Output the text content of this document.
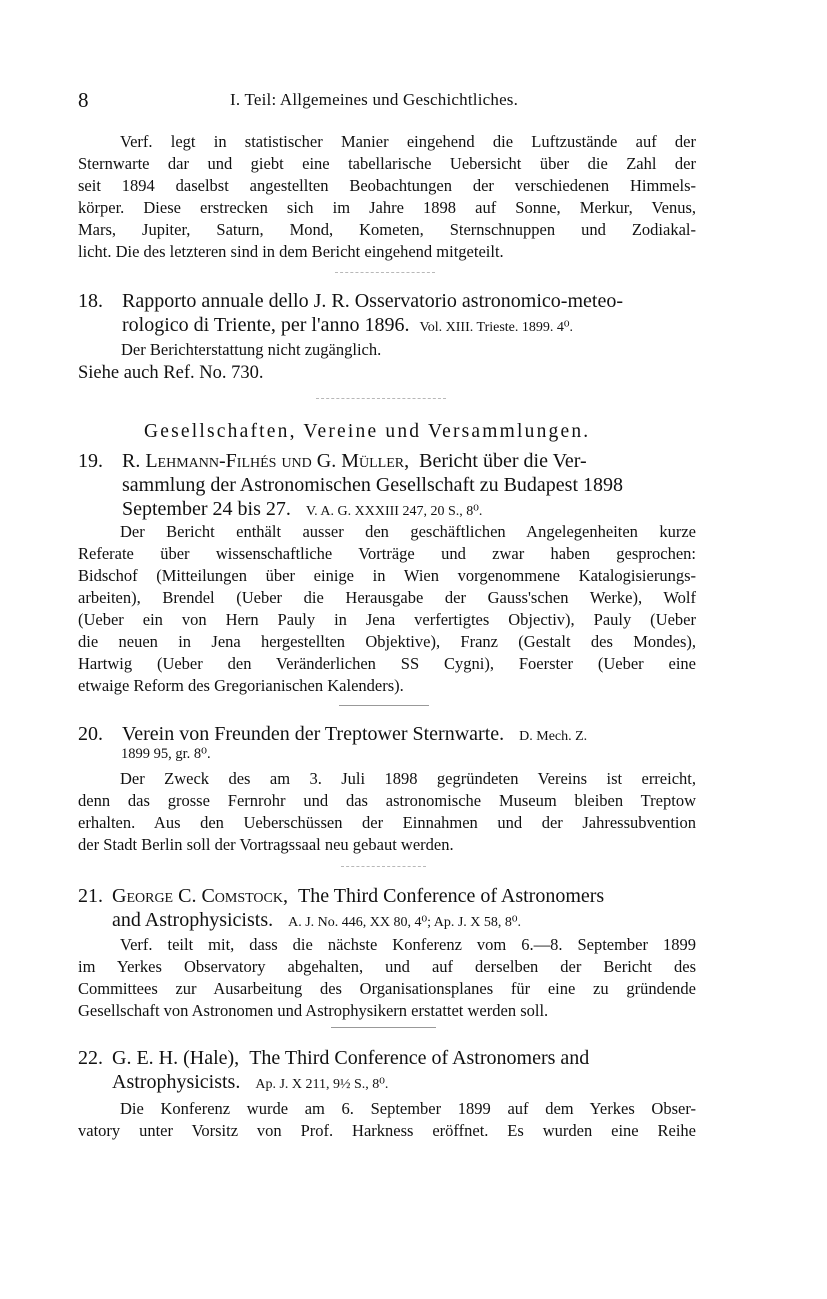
8	I. Teil: Allgemeines und Geschichtliches.
Verf. legt in statistischer Manier eingehend die Luftzustände auf der
Sternwarte dar und giebt eine tabellarische Uebersicht über die Zahl der
seit 1894 daselbst angestellten Beobachtungen der verschiedenen Himmels-
körper. Diese erstrecken sich im Jahre 1898 auf Sonne, Merkur, Venus,
Mars, Jupiter, Saturn, Mond, Kometen, Sternschnuppen und Zodiakal-
licht. Die des letzteren sind in dem Bericht eingehend mitgeteilt.
18. Rapporto annuale dello J. R. Osservatorio astronomico-meteo-
rologico di Triente, per l'anno 1896. Vol. XIII. Trieste. 1899. 4⁰.
Der Berichterstattung nicht zugänglich.
Siehe auch Ref. No. 730.
Gesellschaften, Vereine und Versammlungen.
19. R. Lehmann-Filhés und G. Müller, Bericht über die Ver-
sammlung der Astronomischen Gesellschaft zu Budapest 1898
September 24 bis 27. V. A. G. XXXIII 247, 20 S., 8⁰.
Der Bericht enthält ausser den geschäftlichen Angelegenheiten kurze
Referate über wissenschaftliche Vorträge und zwar haben gesprochen:
Bidschof (Mitteilungen über einige in Wien vorgenommene Katalogisierungs-
arbeiten), Brendel (Ueber die Herausgabe der Gauss'schen Werke), Wolf
(Ueber ein von Hern Pauly in Jena verfertigtes Objectiv), Pauly (Ueber
die neuen in Jena hergestellten Objektive), Franz (Gestalt des Mondes),
Hartwig (Ueber den Veränderlichen SS Cygni), Foerster (Ueber eine
etwaige Reform des Gregorianischen Kalenders).
20. Verein von Freunden der Treptower Sternwarte. D. Mech. Z.
1899 95, gr. 8⁰.
Der Zweck des am 3. Juli 1898 gegründeten Vereins ist erreicht,
denn das grosse Fernrohr und das astronomische Museum bleiben Treptow
erhalten. Aus den Ueberschüssen der Einnahmen und der Jahressubvention
der Stadt Berlin soll der Vortragssaal neu gebaut werden.
21. George C. Comstock, The Third Conference of Astronomers
and Astrophysicists. A. J. No. 446, XX 80, 4⁰; Ap. J. X 58, 8⁰.
Verf. teilt mit, dass die nächste Konferenz vom 6.—8. September 1899
im Yerkes Observatory abgehalten, und auf derselben der Bericht des
Committees zur Ausarbeitung des Organisationsplanes für eine zu gründende
Gesellschaft von Astronomen und Astrophysikern erstattet werden soll.
22. G. E. H. (Hale), The Third Conference of Astronomers and
Astrophysicists. Ap. J. X 211, 9½ S., 8⁰.
Die Konferenz wurde am 6. September 1899 auf dem Yerkes Obser-
vatory unter Vorsitz von Prof. Harkness eröffnet. Es wurden eine Reihe
